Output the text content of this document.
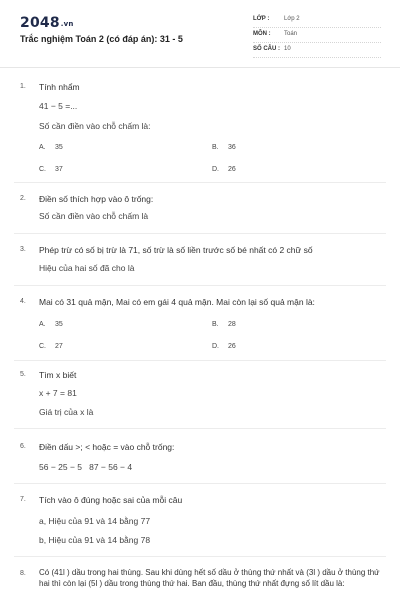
2048.vn
Trắc nghiệm Toán 2 (có đáp án): 31 - 5
LỚP : Lớp 2
MÔN : Toán
SỐ CÂU : 10
1. Tính nhẩm
41 − 5 =...
Số cần điền vào chỗ chấm là:
A. 35	B. 36
C. 37	D. 26
2. Điền số thích hợp vào ô trống:
Số cần điền vào chỗ chấm là
3. Phép trừ có số bị trừ là 71, số trừ là số liền trước số bé nhất có 2 chữ số
Hiệu của hai số đã cho là
4. Mai có 31 quả mận, Mai có em gái 4 quả mận. Mai còn lại số quả mận là:
A. 35	B. 28
C. 27	D. 26
5. Tìm x biết
x + 7 = 81
Giá trị của x là
6. Điền dấu >; < hoặc = vào chỗ trống:
56 − 25 − 5   87 − 56 − 4
7. Tích vào ô đúng hoặc sai của mỗi câu
a, Hiệu của 91 và 14 bằng 77
b, Hiệu của 91 và 14 bằng 78
8. Có (41l ) dầu trong hai thùng. Sau khi dùng hết số dầu ở thùng thứ nhất và (3l ) dầu ở thùng thứ hai thì còn lại (5l ) dầu trong thùng thứ hai. Ban đầu, thùng thứ nhất đựng số lít dầu là:
